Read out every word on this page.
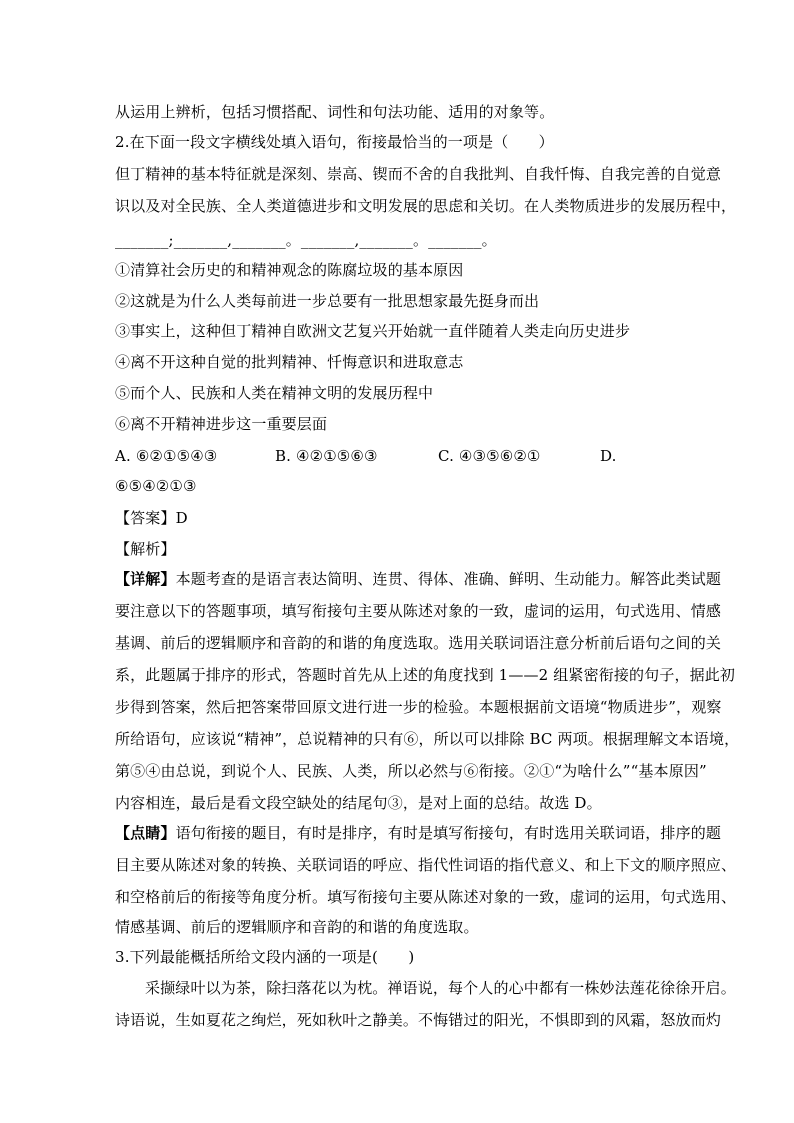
从运用上辨析，包括习惯搭配、词性和句法功能、适用的对象等。
2.在下面一段文字横线处填入语句，衔接最恰当的一项是（　　）
但丁精神的基本特征就是深刻、崇高、锲而不舍的自我批判、自我忏悔、自我完善的自觉意
识以及对全民族、全人类道德进步和文明发展的思虑和关切。在人类物质进步的发展历程中，
_______;_______,_______。_______,_______。_______。
①清算社会历史的和精神观念的陈腐垃圾的基本原因
②这就是为什么人类每前进一步总要有一批思想家最先挺身而出
③事实上，这种但丁精神自欧洲文艺复兴开始就一直伴随着人类走向历史进步
④离不开这种自觉的批判精神、忏悔意识和进取意志
⑤而个人、民族和人类在精神文明的发展历程中
⑥离不开精神进步这一重要层面
A. ⑥②①⑤④③	B. ④②①⑤⑥③	C. ④③⑤⑥②①	D.
⑥⑤④②①③
【答案】D
【解析】
【详解】本题考查的是语言表达简明、连贯、得体、准确、鲜明、生动能力。解答此类试题
要注意以下的答题事项，填写衔接句主要从陈述对象的一致，虚词的运用，句式选用、情感
基调、前后的逻辑顺序和音韵的和谐的角度选取。选用关联词语注意分析前后语句之间的关
系，此题属于排序的形式，答题时首先从上述的角度找到 1——2 组紧密衔接的句子，据此初
步得到答案，然后把答案带回原文进行进一步的检验。本题根据前文语境“物质进步”，观察
所给语句，应该说“精神”，总说精神的只有⑥，所以可以排除 BC 两项。根据理解文本语境，
第⑤④由总说，到说个人、民族、人类，所以必然与⑥衔接。②①“为啥什么”“基本原因”
内容相连，最后是看文段空缺处的结尾句③，是对上面的总结。故选 D。
【点睛】语句衔接的题目，有时是排序，有时是填写衔接句，有时选用关联词语，排序的题
目主要从陈述对象的转换、关联词语的呼应、指代性词语的指代意义、和上下文的顺序照应、
和空格前后的衔接等角度分析。填写衔接句主要从陈述对象的一致，虚词的运用，句式选用、
情感基调、前后的逻辑顺序和音韵的和谐的角度选取。
3.下列最能概括所给文段内涵的一项是(　　)
采撷绿叶以为茶，除扫落花以为枕。禅语说，每个人的心中都有一株妙法莲花徐徐开启。
诗语说，生如夏花之绚烂，死如秋叶之静美。不悔错过的阳光，不惧即到的风霜，怒放而灼
